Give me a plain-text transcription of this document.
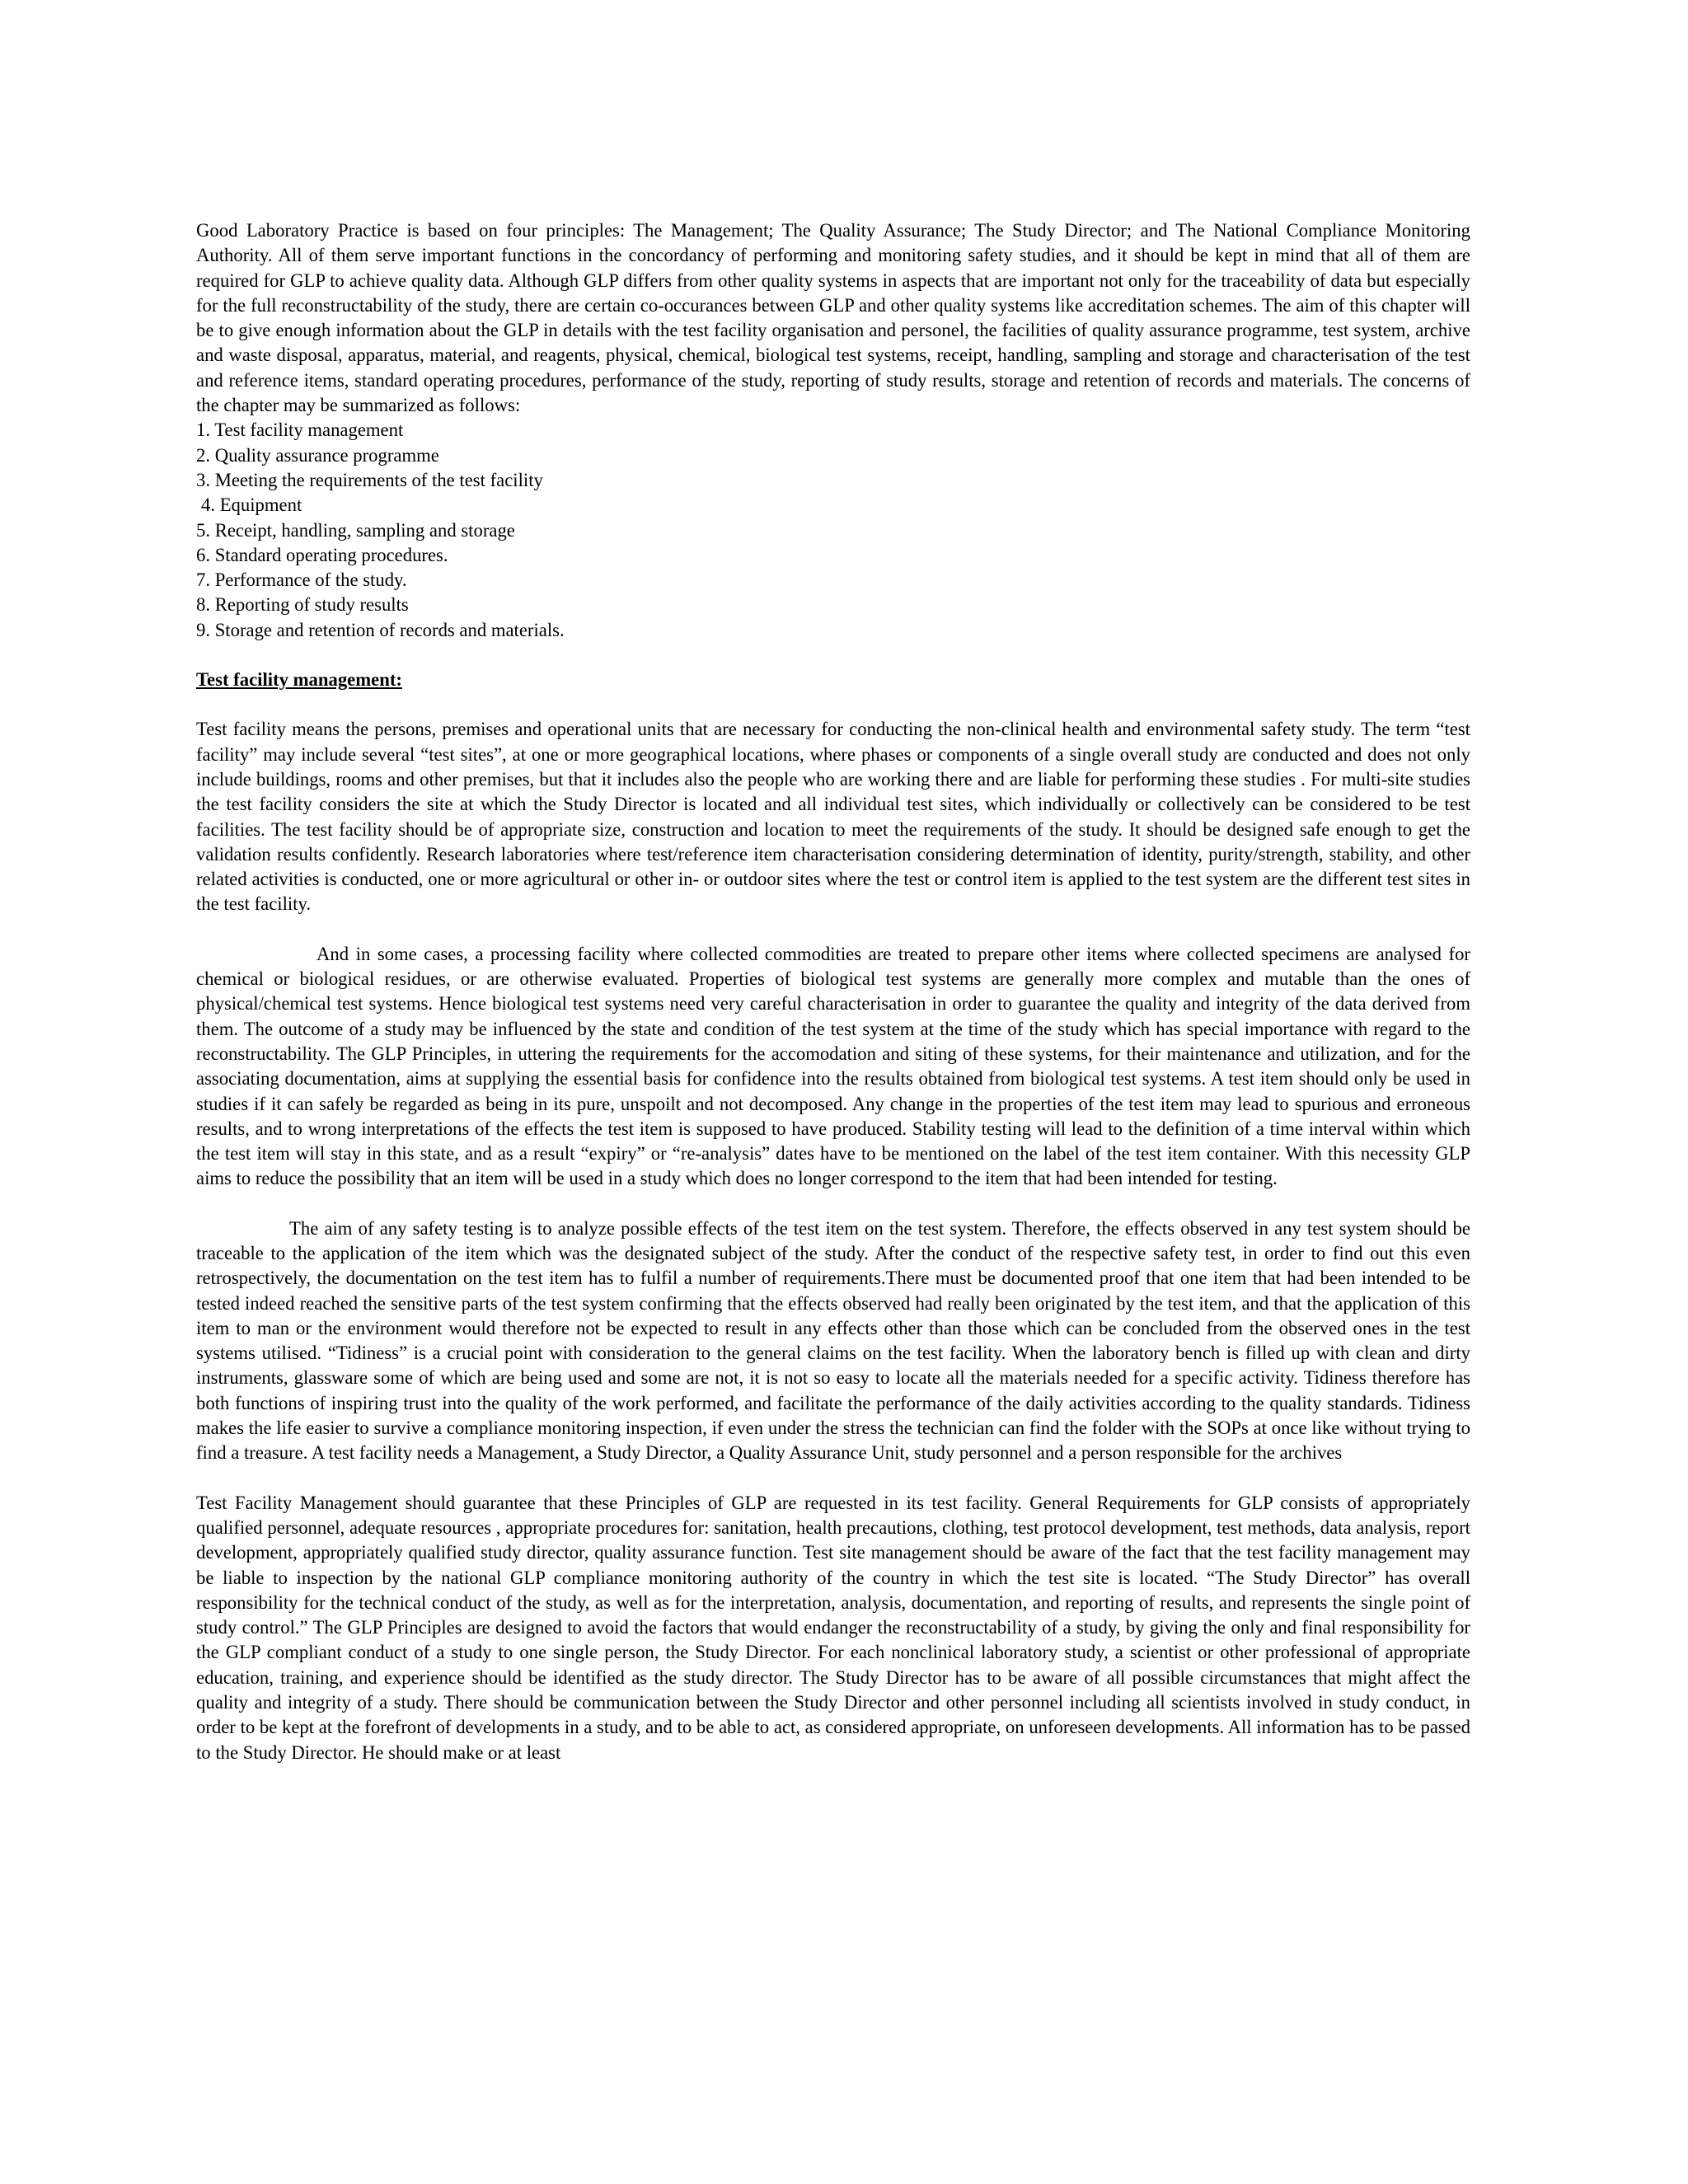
Good Laboratory Practice is based on four principles: The Management; The Quality Assurance; The Study Director; and The National Compliance Monitoring Authority. All of them serve important functions in the concordancy of performing and monitoring safety studies, and it should be kept in mind that all of them are required for GLP to achieve quality data. Although GLP differs from other quality systems in aspects that are important not only for the traceability of data but especially for the full reconstructability of the study, there are certain co-occurances between GLP and other quality systems like accreditation schemes. The aim of this chapter will be to give enough information about the GLP in details with the test facility organisation and personel, the facilities of quality assurance programme, test system, archive and waste disposal, apparatus, material, and reagents, physical, chemical, biological test systems, receipt, handling, sampling and storage and characterisation of the test and reference items, standard operating procedures, performance of the study, reporting of study results, storage and retention of records and materials. The concerns of the chapter may be summarized as follows:

1. Test facility management
2. Quality assurance programme
3. Meeting the requirements of the test facility
4. Equipment
5. Receipt, handling, sampling and storage
6. Standard operating procedures.
7. Performance of the study.
8. Reporting of study results
9. Storage and retention of records and materials.

Test facility management:

Test facility means the persons, premises and operational units that are necessary for conducting the non-clinical health and environmental safety study. The term “test facility” may include several “test sites”, at one or more geographical locations, where phases or components of a single overall study are conducted and does not only include buildings, rooms and other premises, but that it includes also the people who are working there and are liable for performing these studies . For multi-site studies the test facility considers the site at which the Study Director is located and all individual test sites, which individually or collectively can be considered to be test facilities. The test facility should be of appropriate size, construction and location to meet the requirements of the study. It should be designed safe enough to get the validation results confidently. Research laboratories where test/reference item characterisation considering determination of identity, purity/strength, stability, and other related activities is conducted, one or more agricultural or other in- or outdoor sites where the test or control item is applied to the test system are the different test sites in the test facility.

And in some cases, a processing facility where collected commodities are treated to prepare other items where collected specimens are analysed for chemical or biological residues, or are otherwise evaluated. Properties of biological test systems are generally more complex and mutable than the ones of physical/chemical test systems. Hence biological test systems need very careful characterisation in order to guarantee the quality and integrity of the data derived from them. The outcome of a study may be influenced by the state and condition of the test system at the time of the study which has special importance with regard to the reconstructability. The GLP Principles, in uttering the requirements for the accomodation and siting of these systems, for their maintenance and utilization, and for the associating documentation, aims at supplying the essential basis for confidence into the results obtained from biological test systems. A test item should only be used in studies if it can safely be regarded as being in its pure, unspoilt and not decomposed. Any change in the properties of the test item may lead to spurious and erroneous results, and to wrong interpretations of the effects the test item is supposed to have produced. Stability testing will lead to the definition of a time interval within which the test item will stay in this state, and as a result “expiry” or “re-analysis” dates have to be mentioned on the label of the test item container. With this necessity GLP aims to reduce the possibility that an item will be used in a study which does no longer correspond to the item that had been intended for testing.

The aim of any safety testing is to analyze possible effects of the test item on the test system. Therefore, the effects observed in any test system should be traceable to the application of the item which was the designated subject of the study. After the conduct of the respective safety test, in order to find out this even retrospectively, the documentation on the test item has to fulfil a number of requirements.There must be documented proof that one item that had been intended to be tested indeed reached the sensitive parts of the test system confirming that the effects observed had really been originated by the test item, and that the application of this item to man or the environment would therefore not be expected to result in any effects other than those which can be concluded from the observed ones in the test systems utilised. “Tidiness” is a crucial point with consideration to the general claims on the test facility. When the laboratory bench is filled up with clean and dirty instruments, glassware some of which are being used and some are not, it is not so easy to locate all the materials needed for a specific activity. Tidiness therefore has both functions of inspiring trust into the quality of the work performed, and facilitate the performance of the daily activities according to the quality standards. Tidiness makes the life easier to survive a compliance monitoring inspection, if even under the stress the technician can find the folder with the SOPs at once like without trying to find a treasure. A test facility needs a Management, a Study Director, a Quality Assurance Unit, study personnel and a person responsible for the archives

Test Facility Management should guarantee that these Principles of GLP are requested in its test facility. General Requirements for GLP consists of appropriately qualified personnel, adequate resources , appropriate procedures for: sanitation, health precautions, clothing, test protocol development, test methods, data analysis, report development, appropriately qualified study director, quality assurance function. Test site management should be aware of the fact that the test facility management may be liable to inspection by the national GLP compliance monitoring authority of the country in which the test site is located. “The Study Director” has overall responsibility for the technical conduct of the study, as well as for the interpretation, analysis, documentation, and reporting of results, and represents the single point of study control.” The GLP Principles are designed to avoid the factors that would endanger the reconstructability of a study, by giving the only and final responsibility for the GLP compliant conduct of a study to one single person, the Study Director. For each nonclinical laboratory study, a scientist or other professional of appropriate education, training, and experience should be identified as the study director. The Study Director has to be aware of all possible circumstances that might affect the quality and integrity of a study. There should be communication between the Study Director and other personnel including all scientists involved in study conduct, in order to be kept at the forefront of developments in a study, and to be able to act, as considered appropriate, on unforeseen developments. All information has to be passed to the Study Director. He should make or at least
